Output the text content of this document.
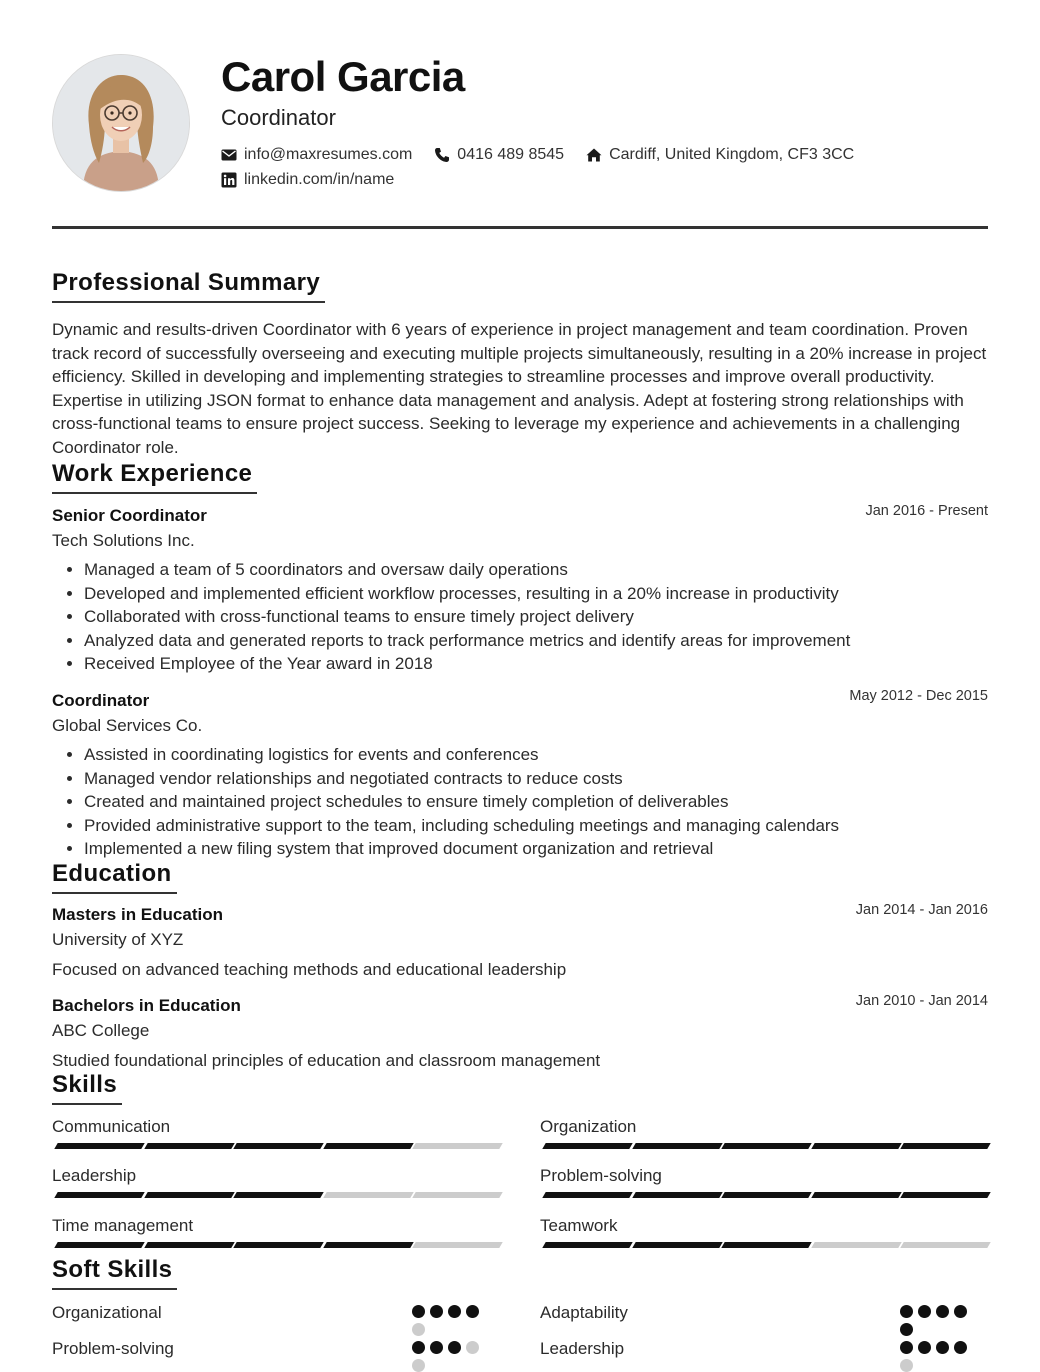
Carol Garcia
Coordinator
info@maxresumes.com	0416 489 8545	Cardiff, United Kingdom, CF3 3CC
linkedin.com/in/name
Professional Summary

Dynamic and results-driven Coordinator with 6 years of experience in project management and team coordination. Proven track record of successfully overseeing and executing multiple projects simultaneously, resulting in a 20% increase in project efficiency. Skilled in developing and implementing strategies to streamline processes and improve overall productivity. Expertise in utilizing JSON format to enhance data management and analysis. Adept at fostering strong relationships with cross-functional teams to ensure project success. Seeking to leverage my experience and achievements in a challenging Coordinator role.

Work Experience
Senior Coordinator	Jan 2016 - Present
Tech Solutions Inc.
• Managed a team of 5 coordinators and oversaw daily operations
• Developed and implemented efficient workflow processes, resulting in a 20% increase in productivity
• Collaborated with cross-functional teams to ensure timely project delivery
• Analyzed data and generated reports to track performance metrics and identify areas for improvement
• Received Employee of the Year award in 2018
Coordinator	May 2012 - Dec 2015
Global Services Co.
• Assisted in coordinating logistics for events and conferences
• Managed vendor relationships and negotiated contracts to reduce costs
• Created and maintained project schedules to ensure timely completion of deliverables
• Provided administrative support to the team, including scheduling meetings and managing calendars
• Implemented a new filing system that improved document organization and retrieval
Education
Masters in Education	Jan 2014 - Jan 2016
University of XYZ
Focused on advanced teaching methods and educational leadership
Bachelors in Education	Jan 2010 - Jan 2014
ABC College
Studied foundational principles of education and classroom management
Skills
Communication	Organization
Leadership	Problem-solving
Time management	Teamwork
Soft Skills
Organizational	Adaptability
Problem-solving	Leadership
